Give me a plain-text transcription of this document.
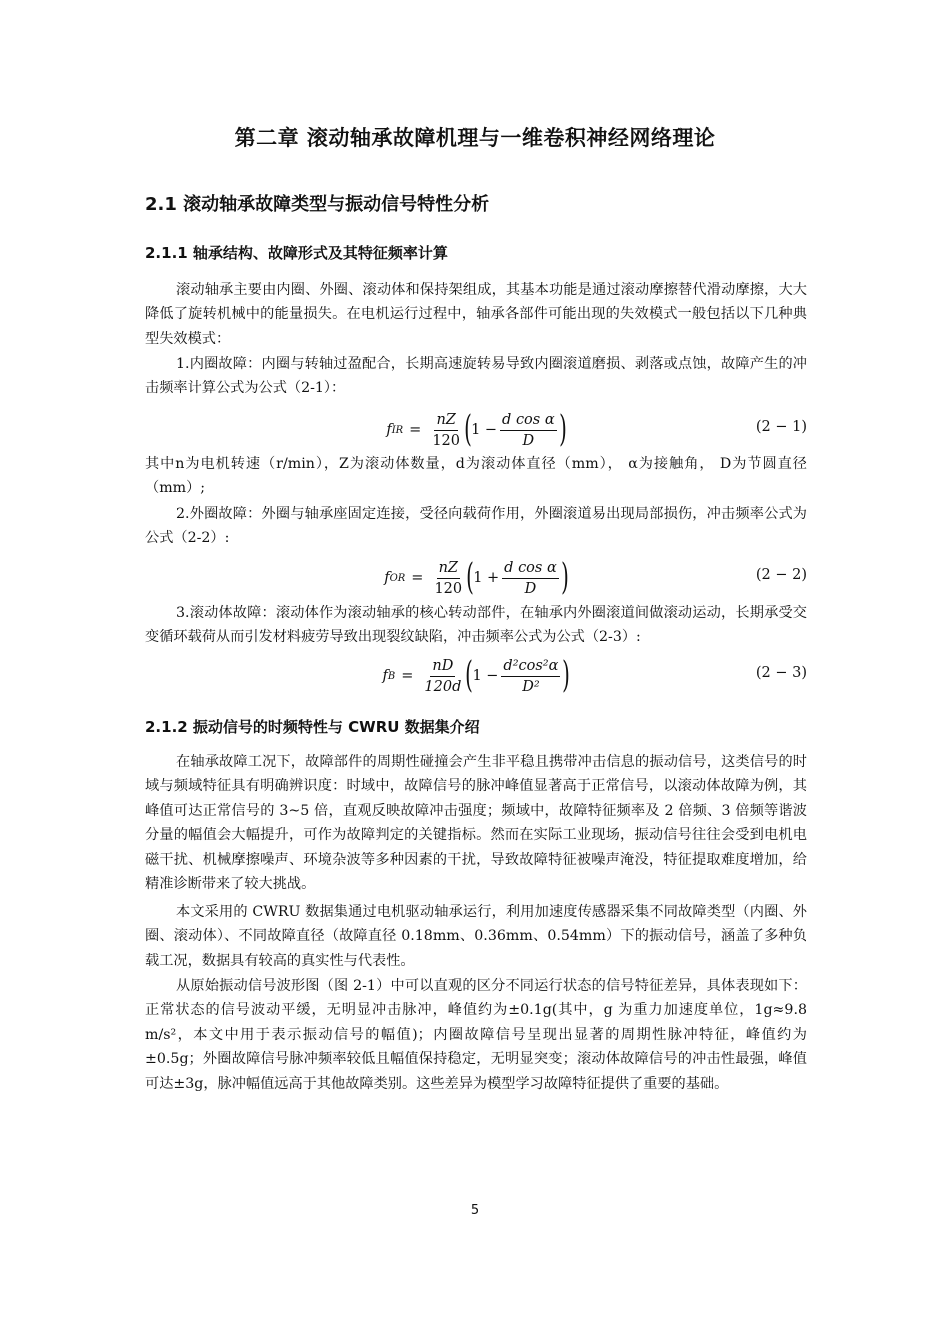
第二章 滚动轴承故障机理与一维卷积神经网络理论
2.1 滚动轴承故障类型与振动信号特性分析
2.1.1 轴承结构、故障形式及其特征频率计算

滚动轴承主要由内圈、外圈、滚动体和保持架组成，其基本功能是通过滚动摩擦替代滑动摩擦，大大降低了旋转机械中的能量损失。在电机运行过程中，轴承各部件可能出现的失效模式一般包括以下几种典型失效模式：

1.内圈故障：内圈与转轴过盈配合，长期高速旋转易导致内圈滚道磨损、剥落或点蚀，故障产生的冲击频率计算公式为公式（2-1）：

f IR = $\frac{nZ}{120}$ ( $1 - \frac{\text{d cos α}}{D}$ )	(2 − 1)

其中n为电机转速（r/min），Z为滚动体数量，d为滚动体直径（mm）， α为接触角， D为节圆直径（mm）;

2.外圈故障：外圈与轴承座固定连接，受径向载荷作用，外圈滚道易出现局部损伤，冲击频率公式为公式（2-2）:

f OR = $\frac{nZ}{120}$ ( $1 + \frac{\text{d cos α}}{D}$ )	(2 − 2)

3.滚动体故障：滚动体作为滚动轴承的核心转动部件，在轴承内外圈滚道间做滚动运动，长期承受交变循环载荷从而引发材料疲劳导致出现裂纹缺陷，冲击频率公式为公式（2-3）:

f $B = \frac{nD}{120d}$ ( $1 - \frac{\text{d²cos²α}}{\text{D²}}$ )	(2 − 3)
2.1.2 振动信号的时频特性与 CWRU 数据集介绍

在轴承故障工况下，故障部件的周期性碰撞会产生非平稳且携带冲击信息的振动信号，这类信号的时域与频域特征具有明确辨识度：时域中，故障信号的脉冲峰值显著高于正常信号，以滚动体故障为例，其峰值可达正常信号的 3~5 倍，直观反映故障冲击强度；频域中，故障特征频率及 2 倍频、3 倍频等谐波分量的幅值会大幅提升，可作为故障判定的关键指标。然而在实际工业现场，振动信号往往会受到电机电磁干扰、机械摩擦噪声、环境杂波等多种因素的干扰，导致故障特征被噪声淹没，特征提取难度增加，给精准诊断带来了较大挑战。

本文采用的 CWRU 数据集通过电机驱动轴承运行，利用加速度传感器采集不同故障类型（内圈、外圈、滚动体）、不同故障直径（故障直径 0.18mm、0.36mm、0.54mm）下的振动信号，涵盖了多种负载工况，数据具有较高的真实性与代表性。

从原始振动信号波形图（图 2-1）中可以直观的区分不同运行状态的信号特征差异，具体表现如下：正常状态的信号波动平缓，无明显冲击脉冲，峰值约为±0.1g(其中，g 为重力加速度单位，1g≈9.8 m/s²，本文中用于表示振动信号的幅值)；内圈故障信号呈现出显著的周期性脉冲特征，峰值约为 ±0.5g；外圈故障信号脉冲频率较低且幅值保持稳定，无明显突变；滚动体故障信号的冲击性最强，峰值可达±3g，脉冲幅值远高于其他故障类别。这些差异为模型学习故障特征提供了重要的基础。

5
